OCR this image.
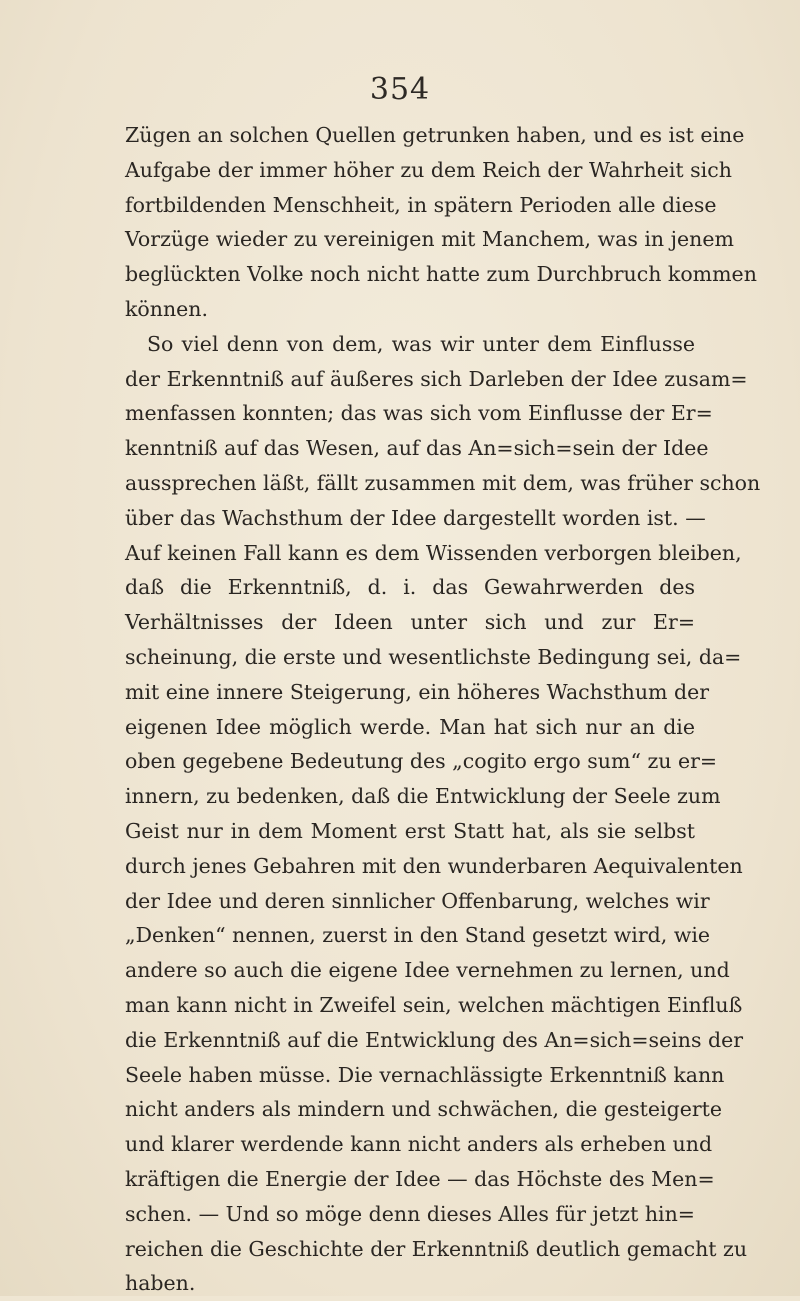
354
Zügen an solchen Quellen getrunken haben, und es ist eine
Aufgabe der immer höher zu dem Reich der Wahrheit sich
fortbildenden Menschheit, in spätern Perioden alle diese
Vorzüge wieder zu vereinigen mit Manchem, was in jenem
beglückten Volke noch nicht hatte zum Durchbruch kommen
können.
So viel denn von dem, was wir unter dem Einflusse
der Erkenntniß auf äußeres sich Darleben der Idee zusam=
menfassen konnten; das was sich vom Einflusse der Er=
kenntniß auf das Wesen, auf das An=sich=sein der Idee
aussprechen läßt, fällt zusammen mit dem, was früher schon
über das Wachsthum der Idee dargestellt worden ist. —
Auf keinen Fall kann es dem Wissenden verborgen bleiben,
daß die Erkenntniß, d. i. das Gewahrwerden des
Verhältnisses der Ideen unter sich und zur Er=
scheinung, die erste und wesentlichste Bedingung sei, da=
mit eine innere Steigerung, ein höheres Wachsthum der
eigenen Idee möglich werde. Man hat sich nur an die
oben gegebene Bedeutung des „cogito ergo sum“ zu er=
innern, zu bedenken, daß die Entwicklung der Seele zum
Geist nur in dem Moment erst Statt hat, als sie selbst
durch jenes Gebahren mit den wunderbaren Aequivalenten
der Idee und deren sinnlicher Offenbarung, welches wir
„Denken“ nennen, zuerst in den Stand gesetzt wird, wie
andere so auch die eigene Idee vernehmen zu lernen, und
man kann nicht in Zweifel sein, welchen mächtigen Einfluß
die Erkenntniß auf die Entwicklung des An=sich=seins der
Seele haben müsse. Die vernachlässigte Erkenntniß kann
nicht anders als mindern und schwächen, die gesteigerte
und klarer werdende kann nicht anders als erheben und
kräftigen die Energie der Idee — das Höchste des Men=
schen. — Und so möge denn dieses Alles für jetzt hin=
reichen die Geschichte der Erkenntniß deutlich gemacht zu
haben.
